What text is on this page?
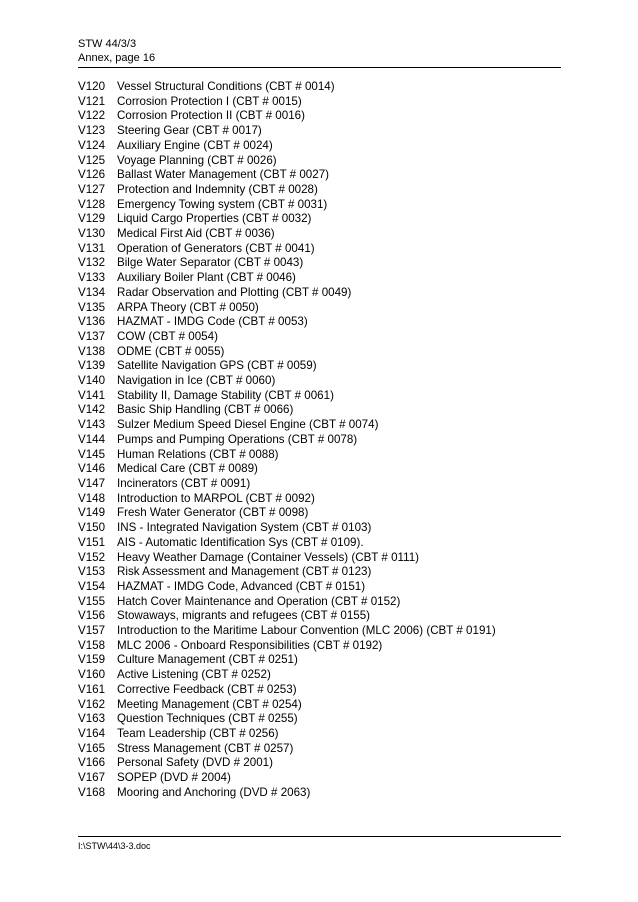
STW 44/3/3
Annex, page 16
V120	Vessel Structural Conditions (CBT # 0014)
V121	Corrosion Protection I (CBT # 0015)
V122	Corrosion Protection II (CBT # 0016)
V123	Steering Gear (CBT # 0017)
V124	Auxiliary Engine (CBT # 0024)
V125	Voyage Planning (CBT # 0026)
V126	Ballast Water Management (CBT # 0027)
V127	Protection and Indemnity (CBT # 0028)
V128	Emergency Towing system (CBT # 0031)
V129	Liquid Cargo Properties (CBT # 0032)
V130	Medical First Aid (CBT # 0036)
V131	Operation of Generators (CBT # 0041)
V132	Bilge Water Separator (CBT # 0043)
V133	Auxiliary Boiler Plant (CBT # 0046)
V134	Radar Observation and Plotting (CBT # 0049)
V135	ARPA Theory (CBT # 0050)
V136	HAZMAT - IMDG Code (CBT # 0053)
V137	COW (CBT # 0054)
V138	ODME (CBT # 0055)
V139	Satellite Navigation GPS (CBT # 0059)
V140	Navigation in Ice (CBT # 0060)
V141	Stability II, Damage Stability (CBT # 0061)
V142	Basic Ship Handling (CBT # 0066)
V143	Sulzer Medium Speed Diesel Engine (CBT # 0074)
V144	Pumps and Pumping Operations (CBT # 0078)
V145	Human Relations (CBT # 0088)
V146	Medical Care (CBT # 0089)
V147	Incinerators (CBT # 0091)
V148	Introduction to MARPOL (CBT # 0092)
V149	Fresh Water Generator (CBT # 0098)
V150	INS - Integrated Navigation System (CBT # 0103)
V151	AIS - Automatic Identification Sys (CBT # 0109).
V152	Heavy Weather Damage (Container Vessels) (CBT # 0111)
V153	Risk Assessment and Management (CBT # 0123)
V154	HAZMAT - IMDG Code, Advanced (CBT # 0151)
V155	Hatch Cover Maintenance and Operation (CBT # 0152)
V156	Stowaways, migrants and refugees (CBT # 0155)
V157	Introduction to the Maritime Labour Convention (MLC 2006) (CBT # 0191)
V158	MLC 2006 - Onboard Responsibilities (CBT # 0192)
V159	Culture Management (CBT # 0251)
V160	Active Listening (CBT # 0252)
V161	Corrective Feedback (CBT # 0253)
V162	Meeting Management (CBT # 0254)
V163	Question Techniques (CBT # 0255)
V164	Team Leadership (CBT # 0256)
V165	Stress Management (CBT # 0257)
V166	Personal Safety (DVD # 2001)
V167	SOPEP (DVD # 2004)
V168	Mooring and Anchoring (DVD # 2063)
I:\STW\44\3-3.doc
